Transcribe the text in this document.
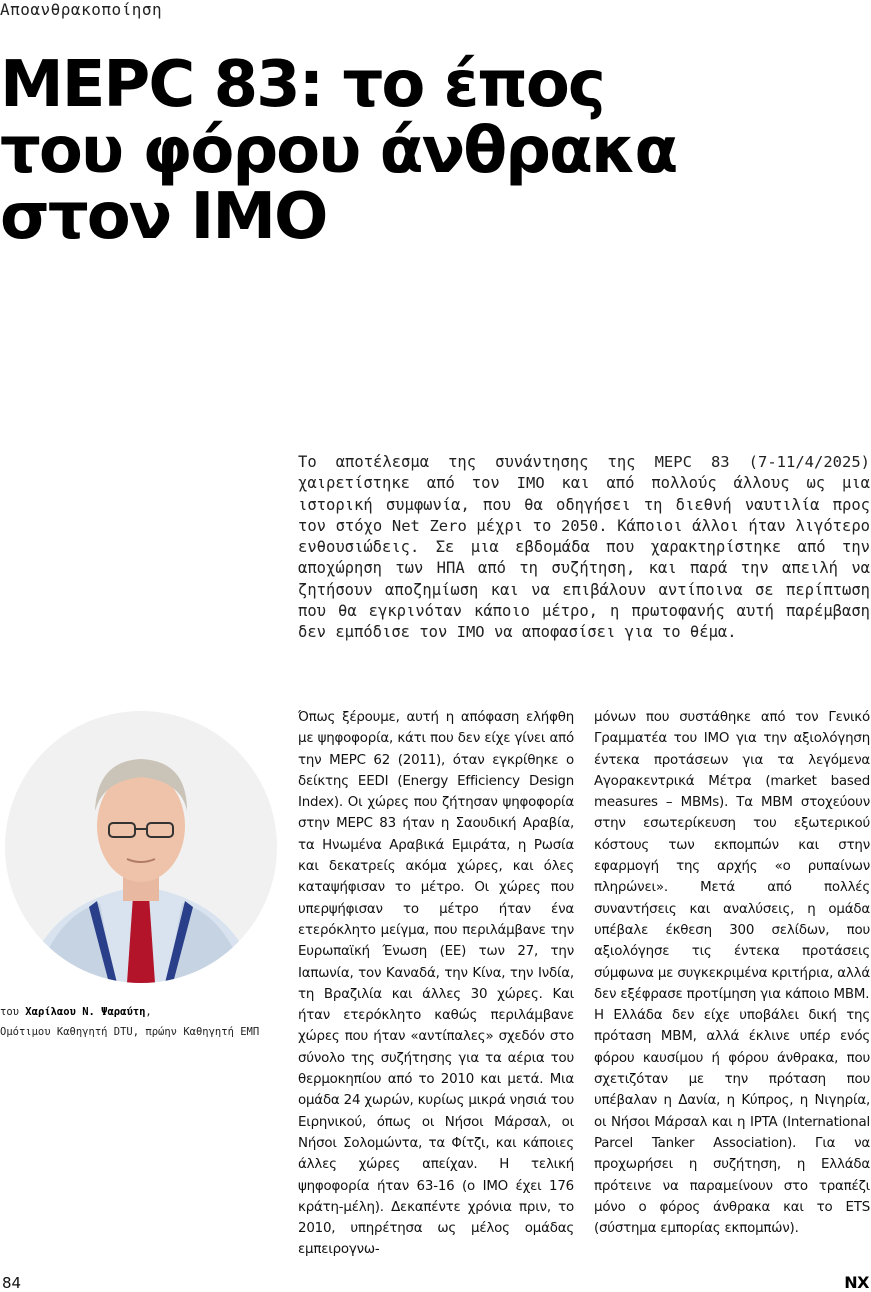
Απoανθρακoπoίηση
MEPC 83: το έπος
του φόρου άνθρακα
στον IMO

Το αποτέλεσμα της συνάντησης της MEPC 83 (7-11/4/2025) χαιρετίστηκε από τον IMO και από πολλούς άλλους ως μια ιστορική συμφωνία, που θα οδηγήσει τη διεθνή ναυτιλία προς τον στόχο Net Zero μέχρι το 2050. Κάποιοι άλλοι ήταν λιγότερο ενθουσιώδεις. Σε μια εβδομάδα που χαρακτηρίστηκε από την αποχώρηση των ΗΠΑ από τη συζήτηση, και παρά την απειλή να ζητήσουν αποζημίωση και να επιβάλουν αντίποινα σε περίπτωση που θα εγκρινόταν κάποιο μέτρο, η πρωτοφανής αυτή παρέμβαση δεν εμπόδισε τον IMO να αποφασίσει για το θέμα.

του Χαρίλαου Ν. Ψαραύτη,
Ομότιμου Καθηγητή DTU, πρώην Καθηγητή ΕΜΠ

Όπως ξέρουμε, αυτή η απόφαση ελήφθη με ψηφοφορία, κάτι που δεν είχε γίνει από την MEPC 62 (2011), όταν εγκρίθηκε ο δείκτης EEDI (Energy Efficiency Design Index). Οι χώρες που ζήτησαν ψηφοφορία στην MEPC 83 ήταν η Σαουδική Αραβία, τα Ηνωμένα Αραβικά Εμιράτα, η Ρωσία και δεκατρείς ακόμα χώρες, και όλες καταψήφισαν το μέτρο. Οι χώρες που υπερψήφισαν το μέτρο ήταν ένα ετερόκλητο μείγμα, που περιλάμβανε την Ευρωπαϊκή Ένωση (ΕΕ) των 27, την Ιαπωνία, τον Καναδά, την Κίνα, την Ινδία, τη Βραζιλία και άλλες 30 χώρες. Και ήταν ετερόκλητο καθώς περιλάμβανε χώρες που ήταν «αντίπαλες» σχεδόν στο σύνολο της συζήτησης για τα αέρια του θερμοκηπίου από το 2010 και μετά. Μια ομάδα 24 χωρών, κυρίως μικρά νησιά του Ειρηνικού, όπως οι Νήσοι Μάρσαλ, οι Νήσοι Σολομώντα, τα Φίτζι, και κάποιες άλλες χώρες απείχαν. Η τελική ψηφοφορία ήταν 63-16 (ο IMO έχει 176 κράτη-μέλη). Δεκαπέντε χρόνια πριν, το 2010, υπηρέτησα ως μέλος ομάδας εμπειρογνω-

μόνων που συστάθηκε από τον Γενικό Γραμματέα του IMO για την αξιολόγηση έντεκα προτάσεων για τα λεγόμενα Αγορακεντρικά Μέτρα (market based measures – MBMs). Τα MBM στοχεύουν στην εσωτερίκευση του εξωτερικού κόστους των εκπομπών και στην εφαρμογή της αρχής «ο ρυπαίνων πληρώνει». Μετά από πολλές συναντήσεις και αναλύσεις, η ομάδα υπέβαλε έκθεση 300 σελίδων, που αξιολόγησε τις έντεκα προτάσεις σύμφωνα με συγκεκριμένα κριτήρια, αλλά δεν εξέφρασε προτίμηση για κάποιο MBM.

Η Ελλάδα δεν είχε υποβάλει δική της πρόταση MBM, αλλά έκλινε υπέρ ενός φόρου καυσίμου ή φόρου άνθρακα, που σχετιζόταν με την πρόταση που υπέβαλαν η Δανία, η Κύπρος, η Νιγηρία, οι Νήσοι Μάρσαλ και η IPTA (International Parcel Tanker Association). Για να προχωρήσει η συζήτηση, η Ελλάδα πρότεινε να παραμείνουν στο τραπέζι μόνο ο φόρος άνθρακα και το ETS (σύστημα εμπορίας εκπομπών).

84	NX
